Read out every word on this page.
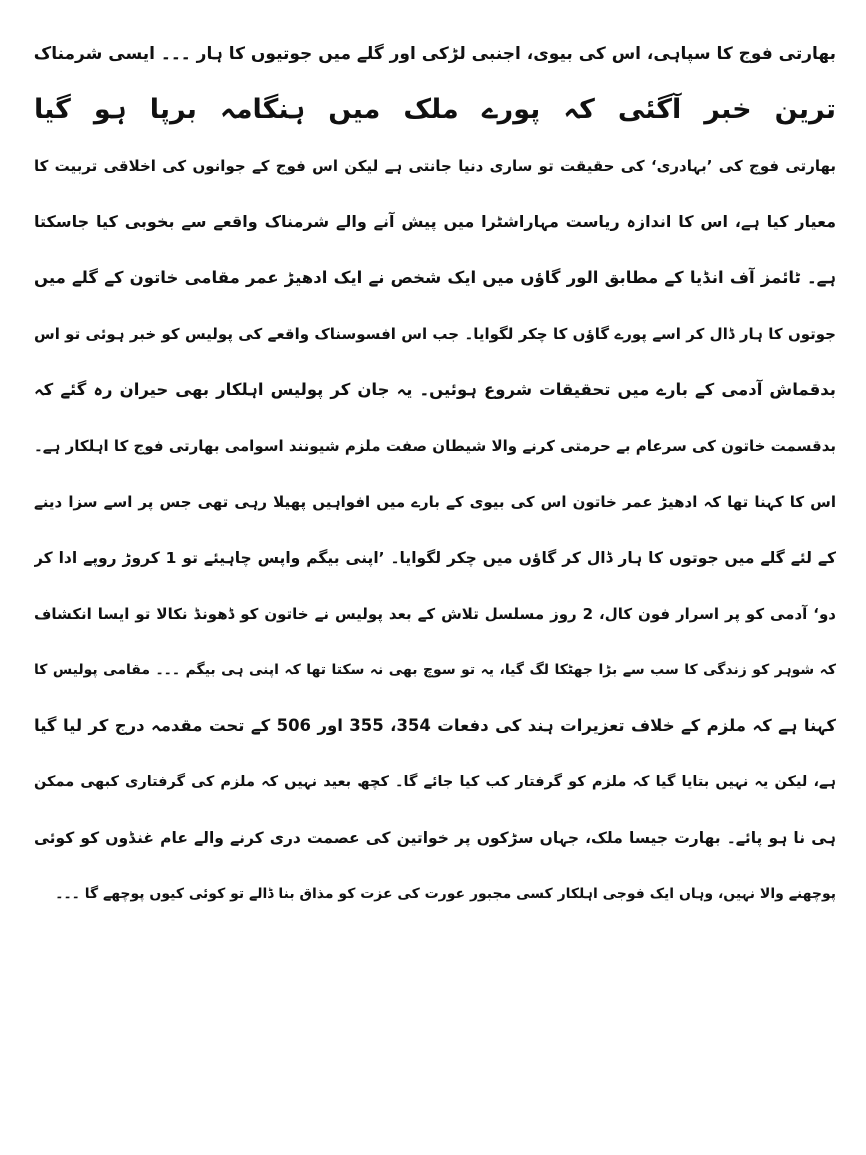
بھارتی فوج کا سپاہی، اس کی بیوی، اجنبی لڑکی اور گلے میں جوتیوں کا ہار ۔۔۔ ایسی شرمناک
ترین خبر آگئی کہ پورے ملک میں ہنگامہ برپا ہو گیا
بھارتی فوج کی ’بہادری‘ کی حقیقت تو ساری دنیا جانتی ہے لیکن اس فوج کے جوانوں کی اخلاقی تربیت کا
معیار کیا ہے، اس کا اندازہ ریاست مہاراشٹرا میں پیش آنے والے شرمناک واقعے سے بخوبی کیا جاسکتا
ہے۔ ٹائمز آف انڈیا کے مطابق الور گاؤں میں ایک شخص نے ایک ادھیڑ عمر مقامی خاتون کے گلے میں
جوتوں کا ہار ڈال کر اسے پورے گاؤں کا چکر لگوایا۔ جب اس افسوسناک واقعے کی پولیس کو خبر ہوئی تو اس
بدقماش آدمی کے بارے میں تحقیقات شروع ہوئیں۔ یہ جان کر پولیس اہلکار بھی حیران رہ گئے کہ
بدقسمت خاتون کی سرعام بے حرمتی کرنے والا شیطان صفت ملزم شیونند اسوامی بھارتی فوج کا اہلکار ہے۔
اس کا کہنا تھا کہ ادھیڑ عمر خاتون اس کی بیوی کے بارے میں افواہیں پھیلا رہی تھی جس پر اسے سزا دینے
کے لئے گلے میں جوتوں کا ہار ڈال کر گاؤں میں چکر لگوایا۔ ’اپنی بیگم واپس چاہیئے تو 1 کروڑ روپے ادا کر
دو‘ آدمی کو پر اسرار فون کال، 2 روز مسلسل تلاش کے بعد پولیس نے خاتون کو ڈھونڈ نکالا تو ایسا انکشاف
کہ شوہر کو زندگی کا سب سے بڑا جھٹکا لگ گیا، یہ تو سوچ بھی نہ سکتا تھا کہ اپنی ہی بیگم ۔۔۔ مقامی پولیس کا
کہنا ہے کہ ملزم کے خلاف تعزیرات ہند کی دفعات 354، 355 اور 506 کے تحت مقدمہ درج کر لیا گیا
ہے، لیکن یہ نہیں بتایا گیا کہ ملزم کو گرفتار کب کیا جائے گا۔ کچھ بعید نہیں کہ ملزم کی گرفتاری کبھی ممکن
ہی نا ہو پائے۔ بھارت جیسا ملک، جہاں سڑکوں پر خواتین کی عصمت دری کرنے والے عام غنڈوں کو کوئی
پوچھنے والا نہیں، وہاں ایک فوجی اہلکار کسی مجبور عورت کی عزت کو مذاق بنا ڈالے تو کوئی کیوں پوچھے گا ۔۔۔
